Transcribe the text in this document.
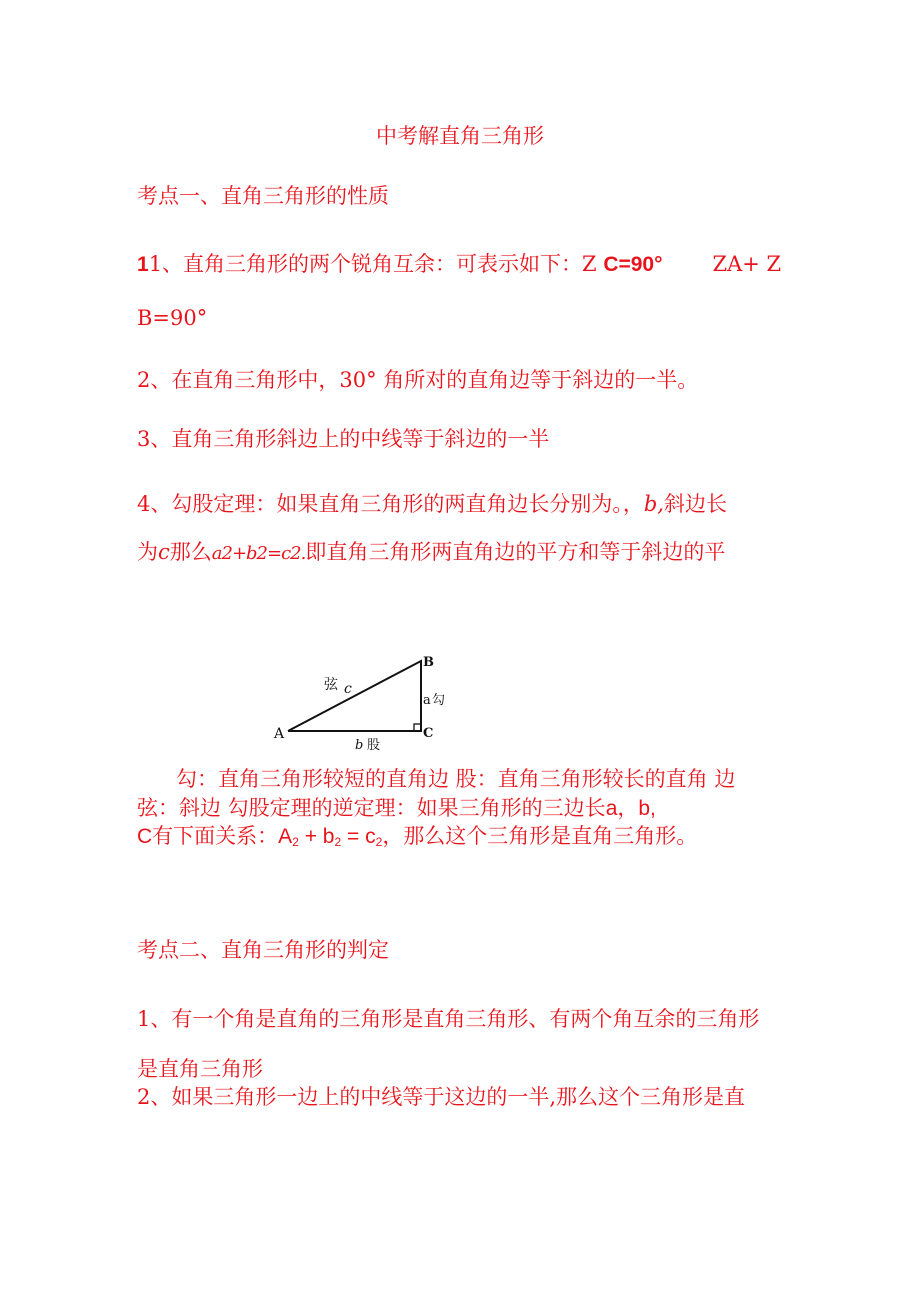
中考解直角三角形
考点一、直角三角形的性质
11、直角三角形的两个锐角互余：可表示如下：Z C=90° ZA+ Z
B=90°
2、在直角三角形中，30° 角所对的直角边等于斜边的一半。
3、直角三角形斜边上的中线等于斜边的一半
4、勾股定理：如果直角三角形的两直角边长分别为。，b,斜边长
为c那么a2+b2=c2.即直角三角形两直角边的平方和等于斜边的平
A
B
C
弦 c
a 勾
b 股
勾：直角三角形较短的直角边 股：直角三角形较长的直角 边
弦：斜边 勾股定理的逆定理：如果三角形的三边长a，b,
C有下面关系：$A_2 + b_2 = c_2$，那么这个三角形是直角三角形。
考点二、直角三角形的判定
1、有一个角是直角的三角形是直角三角形、有两个角互余的三角形
是直角三角形
2、如果三角形一边上的中线等于这边的一半,那么这个三角形是直
